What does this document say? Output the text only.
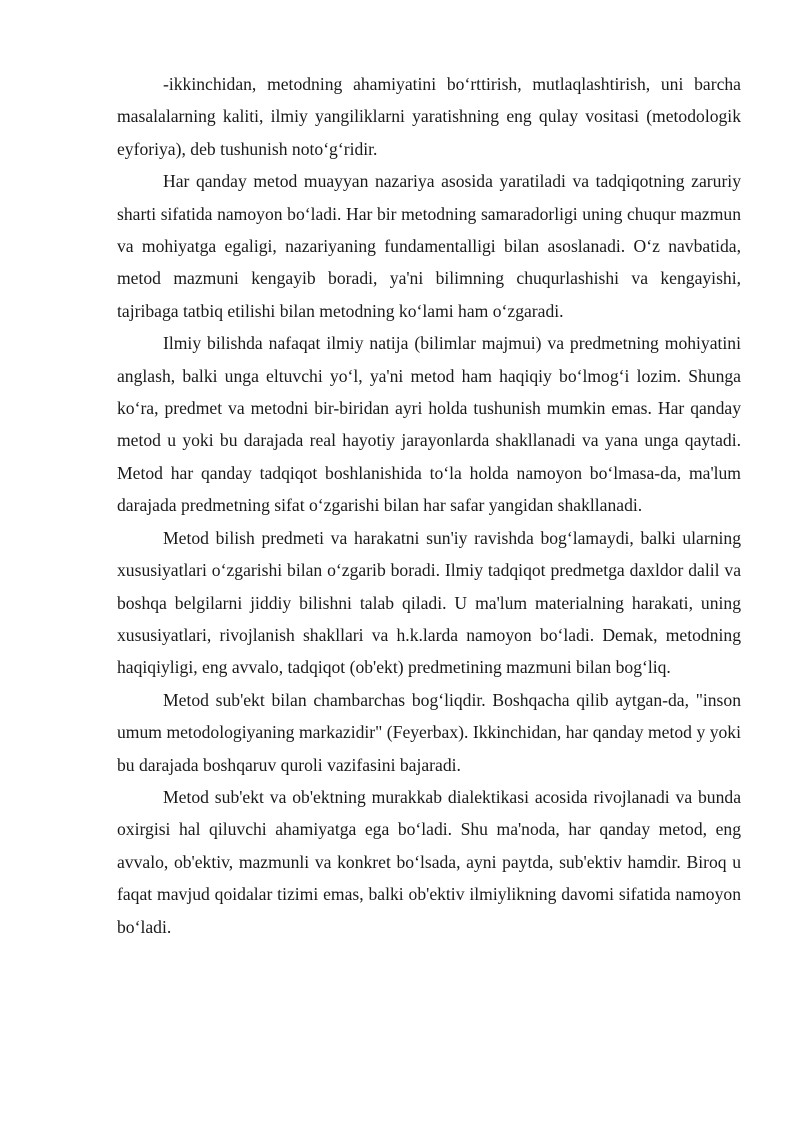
-ikkinchidan, metodning ahamiyatini bo‘rttirish, mutlaqlashtirish, uni barcha masalalarning kaliti, ilmiy yangiliklarni yaratishning eng qulay vositasi (metodologik eyforiya), deb tushunish noto‘g‘ridir.

Har qanday metod muayyan nazariya asosida yaratiladi va tadqiqotning zaruriy sharti sifatida namoyon bo‘ladi. Har bir metodning samaradorligi uning chuqur mazmun va mohiyatga egaligi, nazariyaning fundamentalligi bilan asoslanadi. O‘z navbatida, metod mazmuni kengayib boradi, ya'ni bilimning chuqurlashishi va kengayishi, tajribaga tatbiq etilishi bilan metodning ko‘lami ham o‘zgaradi.

Ilmiy bilishda nafaqat ilmiy natija (bilimlar majmui) va predmetning mohiyatini anglash, balki unga eltuvchi yo‘l, ya'ni metod ham haqiqiy bo‘lmog‘i lozim. Shunga ko‘ra, predmet va metodni bir-biridan ayri holda tushunish mumkin emas. Har qanday metod u yoki bu darajada real hayotiy jarayonlarda shakllanadi va yana unga qaytadi. Metod har qanday tadqiqot boshlanishida to‘la holda namoyon bo‘lmasa-da, ma'lum darajada predmetning sifat o‘zgarishi bilan har safar yangidan shakllanadi.

Metod bilish predmeti va harakatni sun'iy ravishda bog‘lamaydi, balki ularning xususiyatlari o‘zgarishi bilan o‘zgarib boradi. Ilmiy tadqiqot predmetga daxldor dalil va boshqa belgilarni jiddiy bilishni talab qiladi. U ma'lum materialning harakati, uning xususiyatlari, rivojlanish shakllari va h.k.larda namoyon bo‘ladi. Demak, metodning haqiqiyligi, eng avvalo, tadqiqot (ob'ekt) predmetining mazmuni bilan bog‘liq.

Metod sub'ekt bilan chambarchas bog‘liqdir. Boshqacha qilib aytgan-da, "inson umum metodologiyaning markazidir" (Feyerbax). Ikkinchidan, har qanday metod y yoki bu darajada boshqaruv quroli vazifasini bajaradi.

Metod sub'ekt va ob'ektning murakkab dialektikasi acosida rivojlanadi va bunda oxirgisi hal qiluvchi ahamiyatga ega bo‘ladi. Shu ma'noda, har qanday metod, eng avvalo, ob'ektiv, mazmunli va konkret bo‘lsada, ayni paytda, sub'ektiv hamdir. Biroq u faqat mavjud qoidalar tizimi emas, balki ob'ektiv ilmiylikning davomi sifatida namoyon bo‘ladi.
